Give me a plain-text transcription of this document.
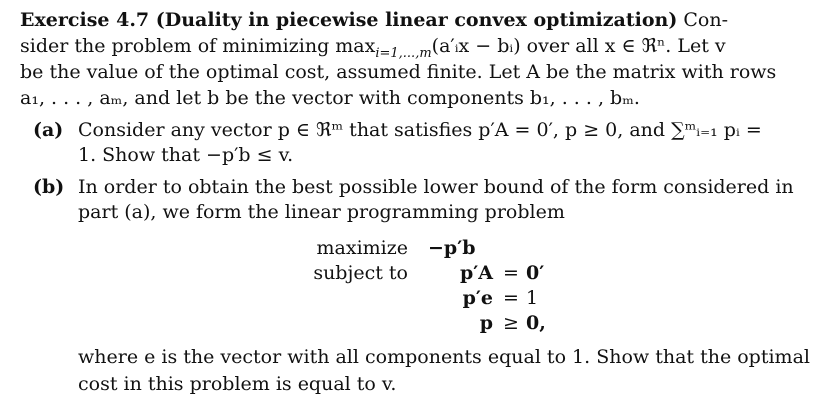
Exercise 4.7 (Duality in piecewise linear convex optimization) Con-
sider the problem of minimizing $\max_{i=1,...,m}(a'ᵢx$ − bᵢ) over all x ∈ ℜⁿ. Let v
be the value of the optimal cost, assumed finite. Let A be the matrix with rows
a₁, . . . , aₘ, and let b be the vector with components b₁, . . . , bₘ.
(a) Consider any vector p ∈ ℜᵐ that satisfies p′A = 0′, p ≥ 0, and ∑ᵐᵢ₌₁ pᵢ =
1. Show that −p′b ≤ v.
(b) In order to obtain the best possible lower bound of the form considered in
part (a), we form the linear programming problem
maximize −p′b
subject to	p′A = 0′
p′e = 1
p ≥ 0,
where e is the vector with all components equal to 1. Show that the optimal
cost in this problem is equal to v.
